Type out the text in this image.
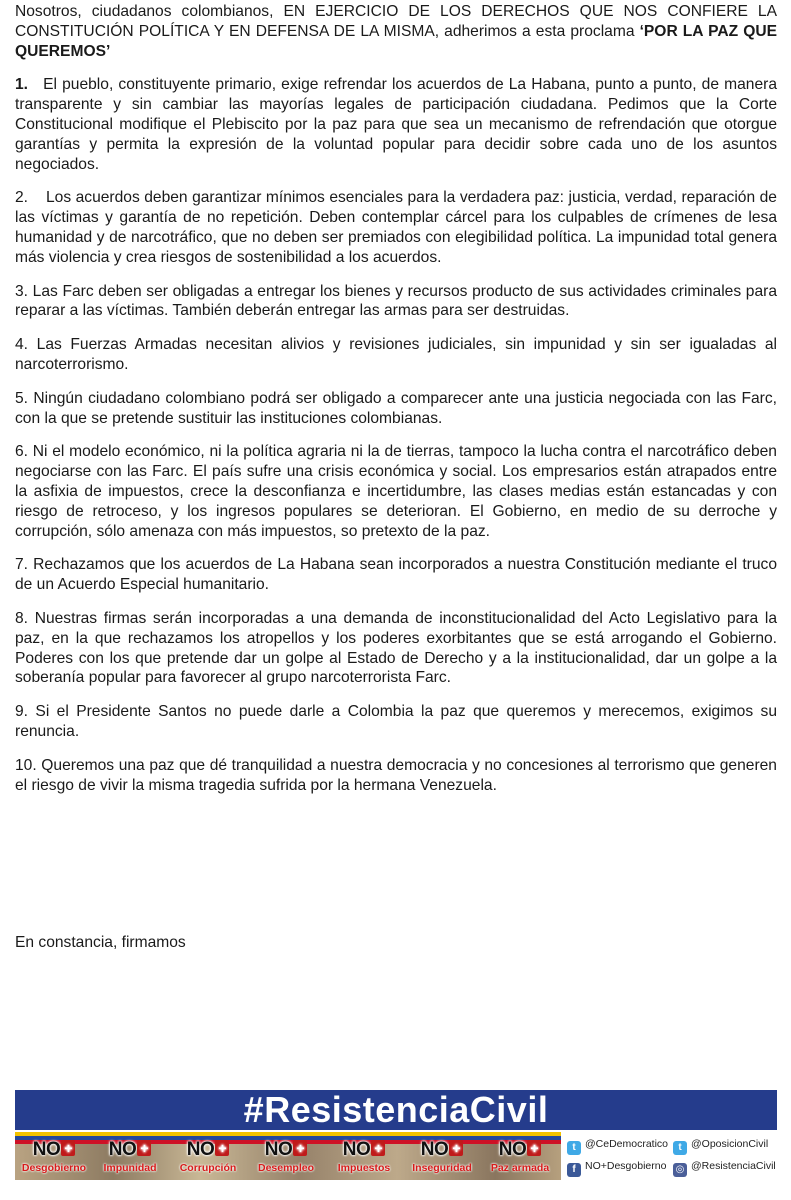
Nosotros, ciudadanos colombianos, EN EJERCICIO DE LOS DERECHOS QUE NOS CONFIERE LA CONSTITUCIÓN POLÍTICA Y EN DEFENSA DE LA MISMA, adherimos a esta proclama ‘POR LA PAZ QUE QUEREMOS’

1. El pueblo, constituyente primario, exige refrendar los acuerdos de La Habana, punto a punto, de manera transparente y sin cambiar las mayorías legales de participación ciudadana. Pedimos que la Corte Constitucional modifique el Plebiscito por la paz para que sea un mecanismo de refrendación que otorgue garantías y permita la expresión de la voluntad popular para decidir sobre cada uno de los asuntos negociados.

2. Los acuerdos deben garantizar mínimos esenciales para la verdadera paz: justicia, verdad, reparación de las víctimas y garantía de no repetición. Deben contemplar cárcel para los culpables de crímenes de lesa humanidad y de narcotráfico, que no deben ser premiados con elegibilidad política. La impunidad total genera más violencia y crea riesgos de sostenibilidad a los acuerdos.

3. Las Farc deben ser obligadas a entregar los bienes y recursos producto de sus actividades criminales para reparar a las víctimas. También deberán entregar las armas para ser destruidas.

4. Las Fuerzas Armadas necesitan alivios y revisiones judiciales, sin impunidad y sin ser igualadas al narcoterrorismo.

5. Ningún ciudadano colombiano podrá ser obligado a comparecer ante una justicia negociada con las Farc, con la que se pretende sustituir las instituciones colombianas.

6. Ni el modelo económico, ni la política agraria ni la de tierras, tampoco la lucha contra el narcotráfico deben negociarse con las Farc. El país sufre una crisis económica y social. Los empresarios están atrapados entre la asfixia de impuestos, crece la desconfianza e incertidumbre, las clases medias están estancadas y con riesgo de retroceso, y los ingresos populares se deterioran. El Gobierno, en medio de su derroche y corrupción, sólo amenaza con más impuestos, so pretexto de la paz.

7. Rechazamos que los acuerdos de La Habana sean incorporados a nuestra Constitución mediante el truco de un Acuerdo Especial humanitario.

8. Nuestras firmas serán incorporadas a una demanda de inconstitucionalidad del Acto Legislativo para la paz, en la que rechazamos los atropellos y los poderes exorbitantes que se está arrogando el Gobierno. Poderes con los que pretende dar un golpe al Estado de Derecho y a la institucionalidad, dar un golpe a la soberanía popular para favorecer al grupo narcoterrorista Farc.

9. Si el Presidente Santos no puede darle a Colombia la paz que queremos y merecemos, exigimos su renuncia.

10. Queremos una paz que dé tranquilidad a nuestra democracia y no concesiones al terrorismo que generen el riesgo de vivir la misma tragedia sufrida por la hermana Venezuela.

En constancia, firmamos
#ResistenciaCivil
NO +
Desgobierno
NO +
Impunidad
NO +
Corrupción
NO +
Desempleo
NO +
Impuestos
NO +
Inseguridad
NO +
Paz armada
t @CeDemocratico	t @OposicionCivil
f NO+Desgobierno ◎ @ResistenciaCivil
